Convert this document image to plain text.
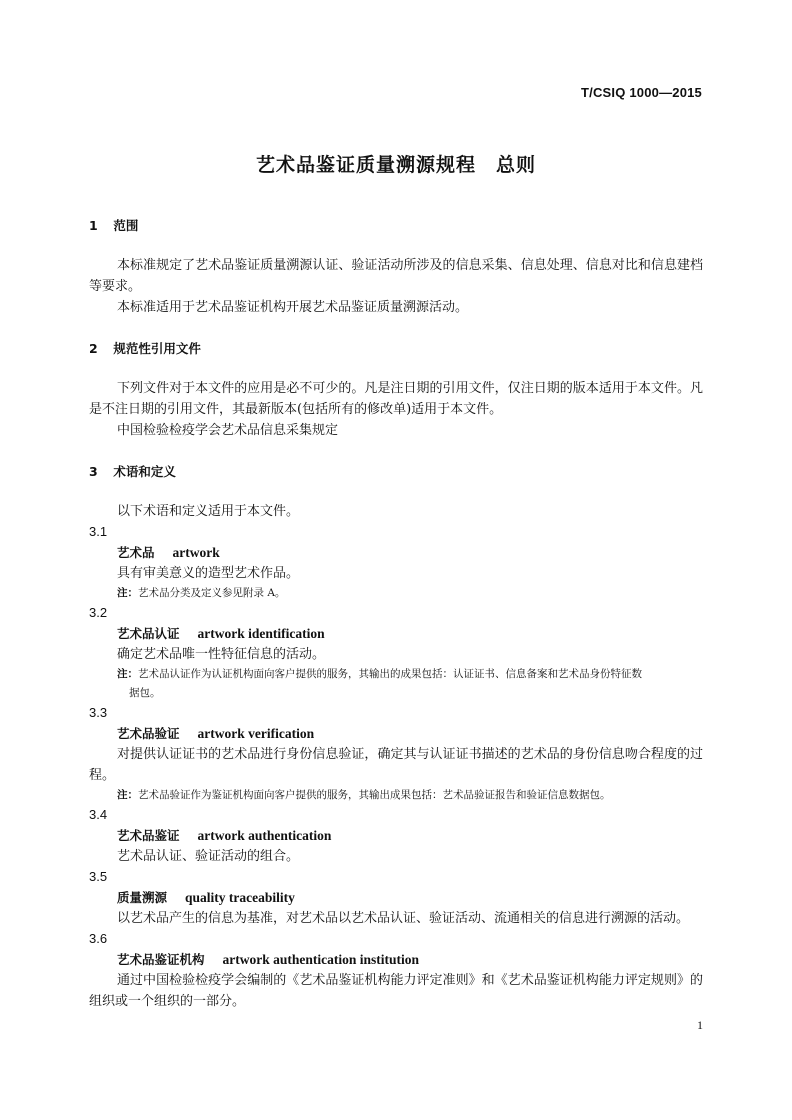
T/CSIQ 1000—2015
艺术品鉴证质量溯源规程　总则
1 范围

本标准规定了艺术品鉴证质量溯源认证、验证活动所涉及的信息采集、信息处理、信息对比和信息建档等要求。

本标准适用于艺术品鉴证机构开展艺术品鉴证质量溯源活动。

2 规范性引用文件

下列文件对于本文件的应用是必不可少的。凡是注日期的引用文件，仅注日期的版本适用于本文件。凡是不注日期的引用文件，其最新版本(包括所有的修改单)适用于本文件。

中国检验检疫学会艺术品信息采集规定

3 术语和定义

以下术语和定义适用于本文件。

3.1
艺术品 artwork

具有审美意义的造型艺术作品。

注：艺术品分类及定义参见附录 A。
3.2
艺术品认证 artwork identification

确定艺术品唯一性特征信息的活动。

注：艺术品认证作为认证机构面向客户提供的服务，其输出的成果包括：认证证书、信息备案和艺术品身份特征数
据包。
3.3
艺术品验证 artwork verification

对提供认证证书的艺术品进行身份信息验证，确定其与认证证书描述的艺术品的身份信息吻合程度的过程。

注：艺术品验证作为鉴证机构面向客户提供的服务，其输出成果包括：艺术品验证报告和验证信息数据包。
3.4
艺术品鉴证 artwork authentication

艺术品认证、验证活动的组合。

3.5
质量溯源 quality traceability

以艺术品产生的信息为基准，对艺术品以艺术品认证、验证活动、流通相关的信息进行溯源的活动。

3.6
艺术品鉴证机构 artwork authentication institution

通过中国检验检疫学会编制的《艺术品鉴证机构能力评定准则》和《艺术品鉴证机构能力评定规则》的组织或一个组织的一部分。

1
